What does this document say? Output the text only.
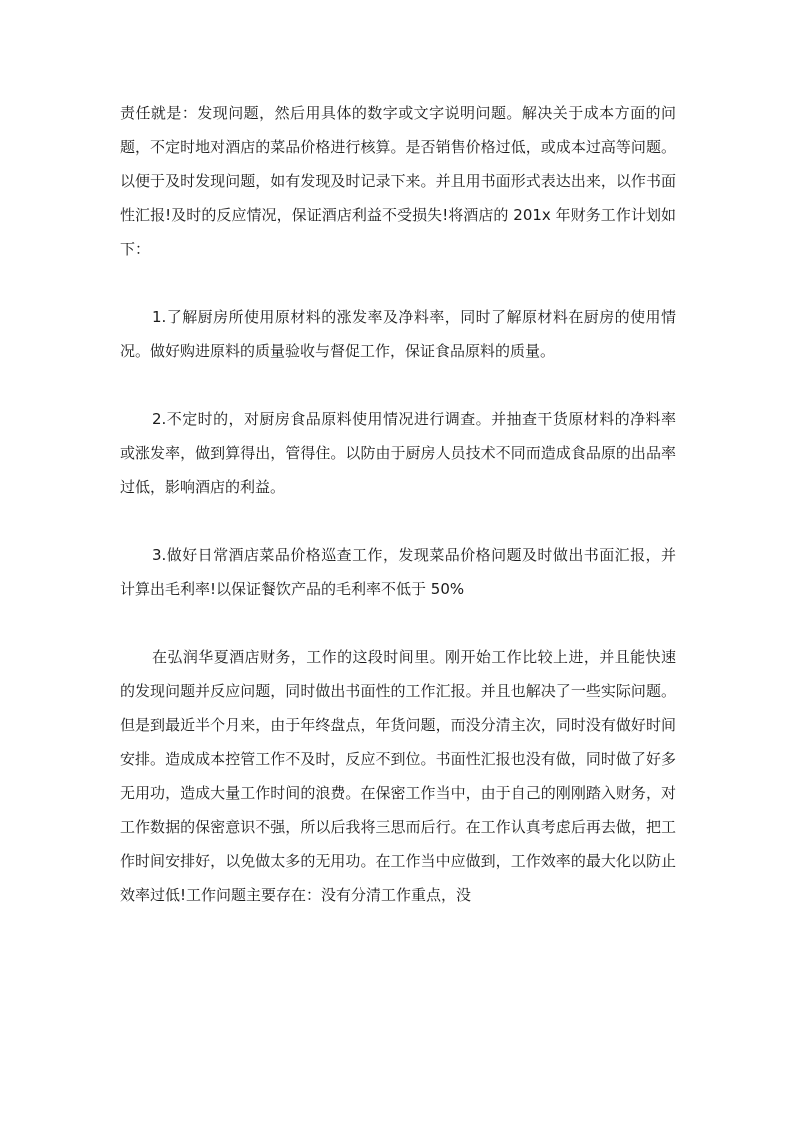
责任就是：发现问题，然后用具体的数字或文字说明问题。解决关于成本方面的问题，不定时地对酒店的菜品价格进行核算。是否销售价格过低，或成本过高等问题。以便于及时发现问题，如有发现及时记录下来。并且用书面形式表达出来，以作书面性汇报!及时的反应情况，保证酒店利益不受损失!将酒店的 201x 年财务工作计划如下：

1.了解厨房所使用原材料的涨发率及净料率，同时了解原材料在厨房的使用情况。做好购进原料的质量验收与督促工作，保证食品原料的质量。

2.不定时的，对厨房食品原料使用情况进行调查。并抽查干货原材料的净料率或涨发率，做到算得出，管得住。以防由于厨房人员技术不同而造成食品原的出品率过低，影响酒店的利益。

3.做好日常酒店菜品价格巡查工作，发现菜品价格问题及时做出书面汇报，并计算出毛利率!以保证餐饮产品的毛利率不低于 50%

在弘润华夏酒店财务，工作的这段时间里。刚开始工作比较上进，并且能快速的发现问题并反应问题，同时做出书面性的工作汇报。并且也解决了一些实际问题。但是到最近半个月来，由于年终盘点，年货问题，而没分清主次，同时没有做好时间安排。造成成本控管工作不及时，反应不到位。书面性汇报也没有做，同时做了好多无用功，造成大量工作时间的浪费。在保密工作当中，由于自己的刚刚踏入财务，对工作数据的保密意识不强，所以后我将三思而后行。在工作认真考虑后再去做，把工作时间安排好，以免做太多的无用功。在工作当中应做到，工作效率的最大化以防止效率过低!工作问题主要存在：没有分清工作重点，没
